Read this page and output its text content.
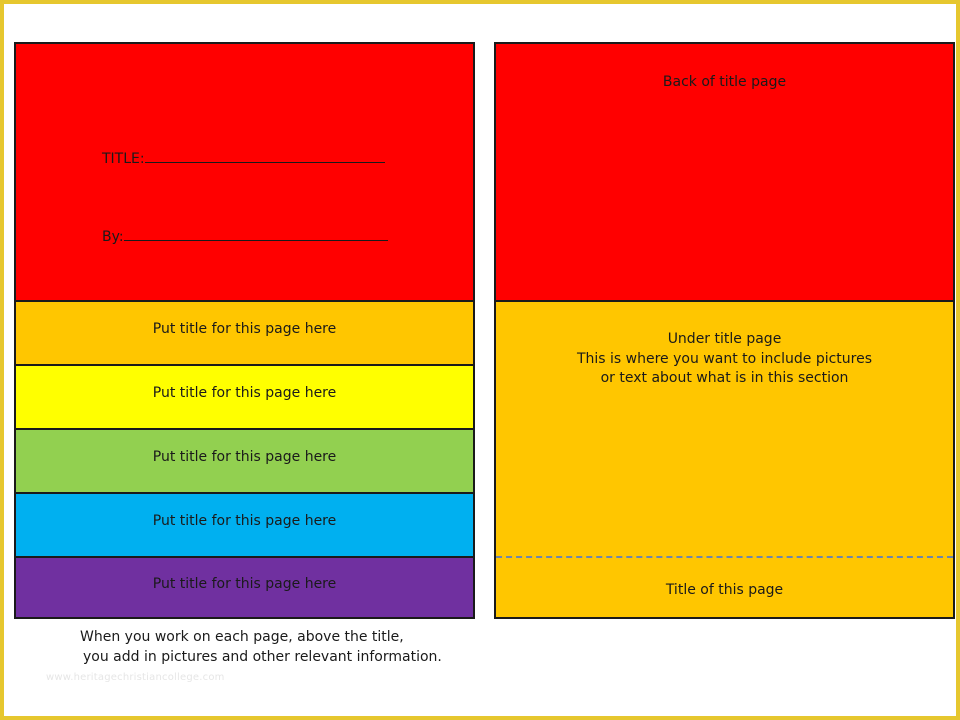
TITLE:
By:
Put title for this page here
Put title for this page here
Put title for this page here
Put title for this page here
Put title for this page here
Back of title page
Under title page
This is where you want to include pictures
or text about what is in this section
Title of this page
When you work on each page, above the title,
you add in pictures and other relevant information.
www.heritagechristiancollege.com
